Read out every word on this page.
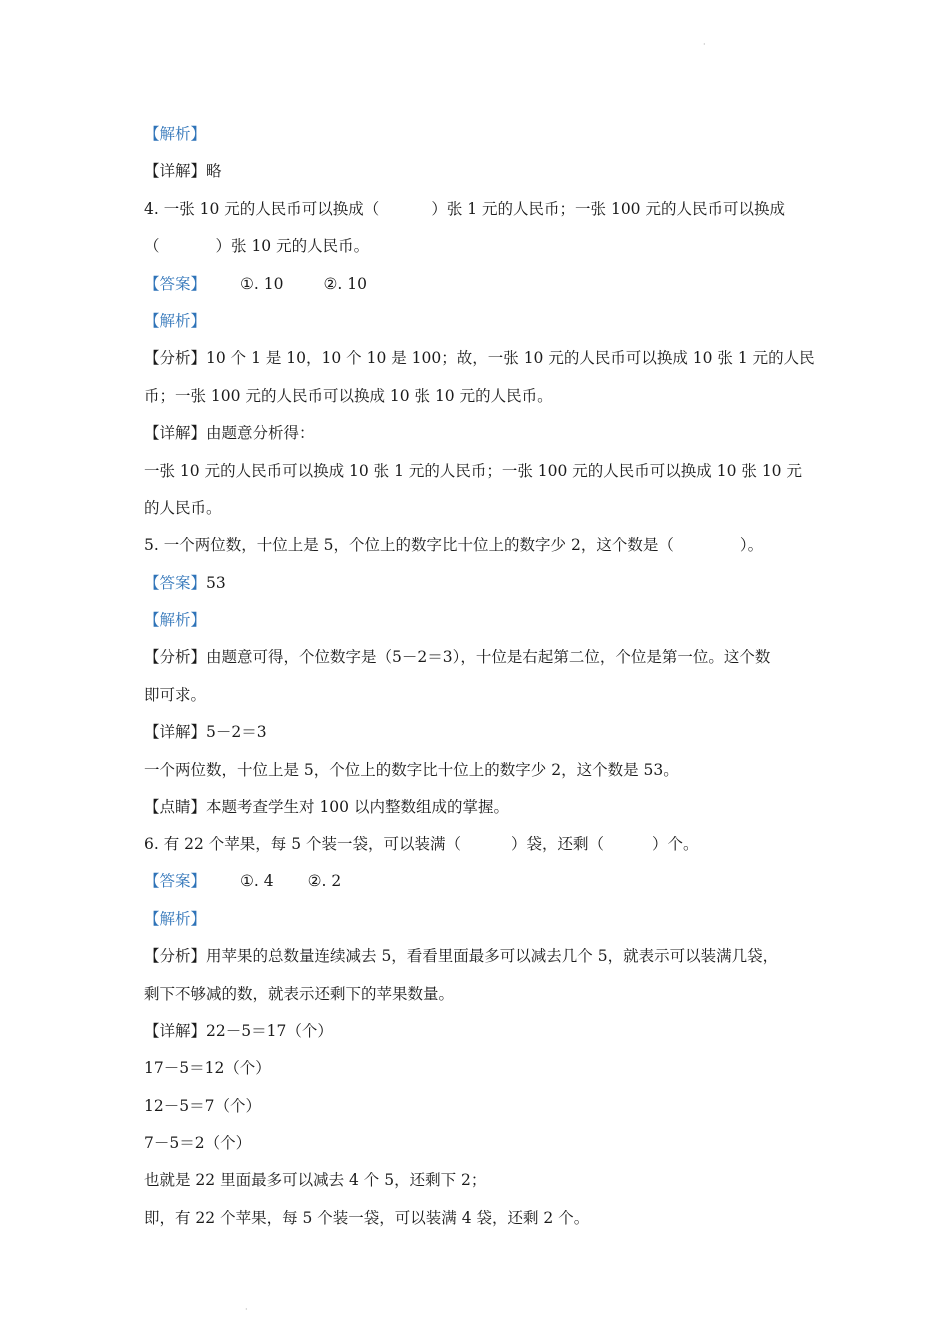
·
【解析】
【详解】略
4. 一张 10 元的人民币可以换成（	）张 1 元的人民币；一张 100 元的人民币可以换成
（	）张 10 元的人民币。
【答案】 ①. 10	②. 10
【解析】
【分析】10 个 1 是 10，10 个 10 是 100；故，一张 10 元的人民币可以换成 10 张 1 元的人民
币；一张 100 元的人民币可以换成 10 张 10 元的人民币。
【详解】由题意分析得：
一张 10 元的人民币可以换成 10 张 1 元的人民币；一张 100 元的人民币可以换成 10 张 10 元
的人民币。
5. 一个两位数，十位上是 5，个位上的数字比十位上的数字少 2，这个数是（	）。
【答案】53
【解析】
【分析】由题意可得，个位数字是（5－2＝3），十位是右起第二位，个位是第一位。这个数
即可求。
【详解】5－2＝3
一个两位数，十位上是 5，个位上的数字比十位上的数字少 2，这个数是 53。
【点睛】本题考查学生对 100 以内整数组成的掌握。
6. 有 22 个苹果，每 5 个装一袋，可以装满（	）袋，还剩（	）个。
【答案】 ①. 4 ②. 2
【解析】
【分析】用苹果的总数量连续减去 5，看看里面最多可以减去几个 5，就表示可以装满几袋，
剩下不够减的数，就表示还剩下的苹果数量。
【详解】22－5＝17（个）
17－5＝12（个）
12－5＝7（个）
7－5＝2（个）
也就是 22 里面最多可以减去 4 个 5，还剩下 2；
即，有 22 个苹果，每 5 个装一袋，可以装满 4 袋，还剩 2 个。
·
